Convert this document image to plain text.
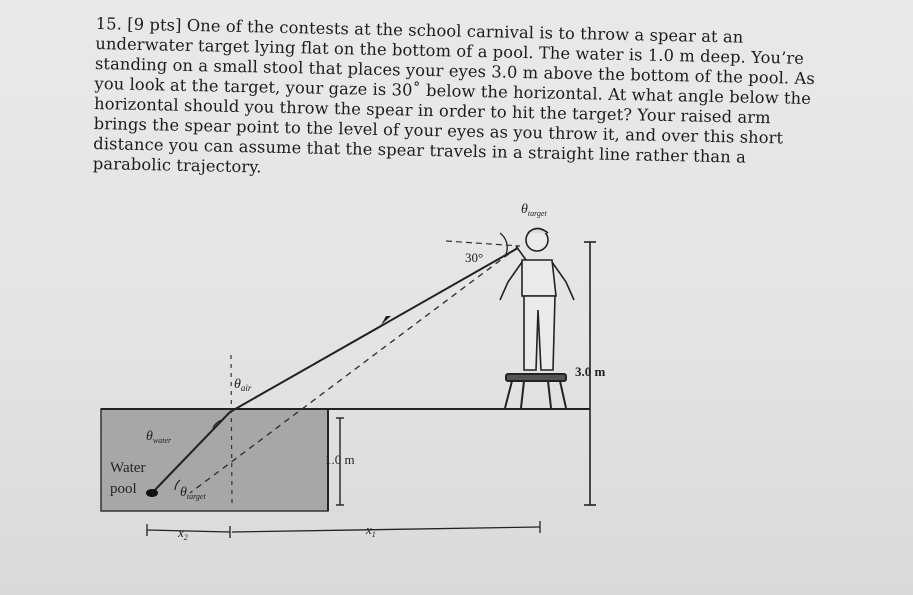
15. [9 pts] One of the contests at the school carnival is to throw a spear at an underwater target lying flat on the bottom of a pool. The water is 1.0 m deep. You’re standing on a small stool that places your eyes 3.0 m above the bottom of the pool. As you look at the target, your gaze is 30˚ below the horizontal. At what angle below the horizontal should you throw the spear in order to hit the target? Your raised arm brings the spear point to the level of your eyes as you throw it, and over this short distance you can assume that the spear travels in a straight line rather than a parabolic trajectory.
30°
$\theta_{target}$
$\theta_{air}$
$\theta_{water}$
$\theta_{target}$
Water
pool
1.0 m
3.0 m
$x_2$
$x_1$
